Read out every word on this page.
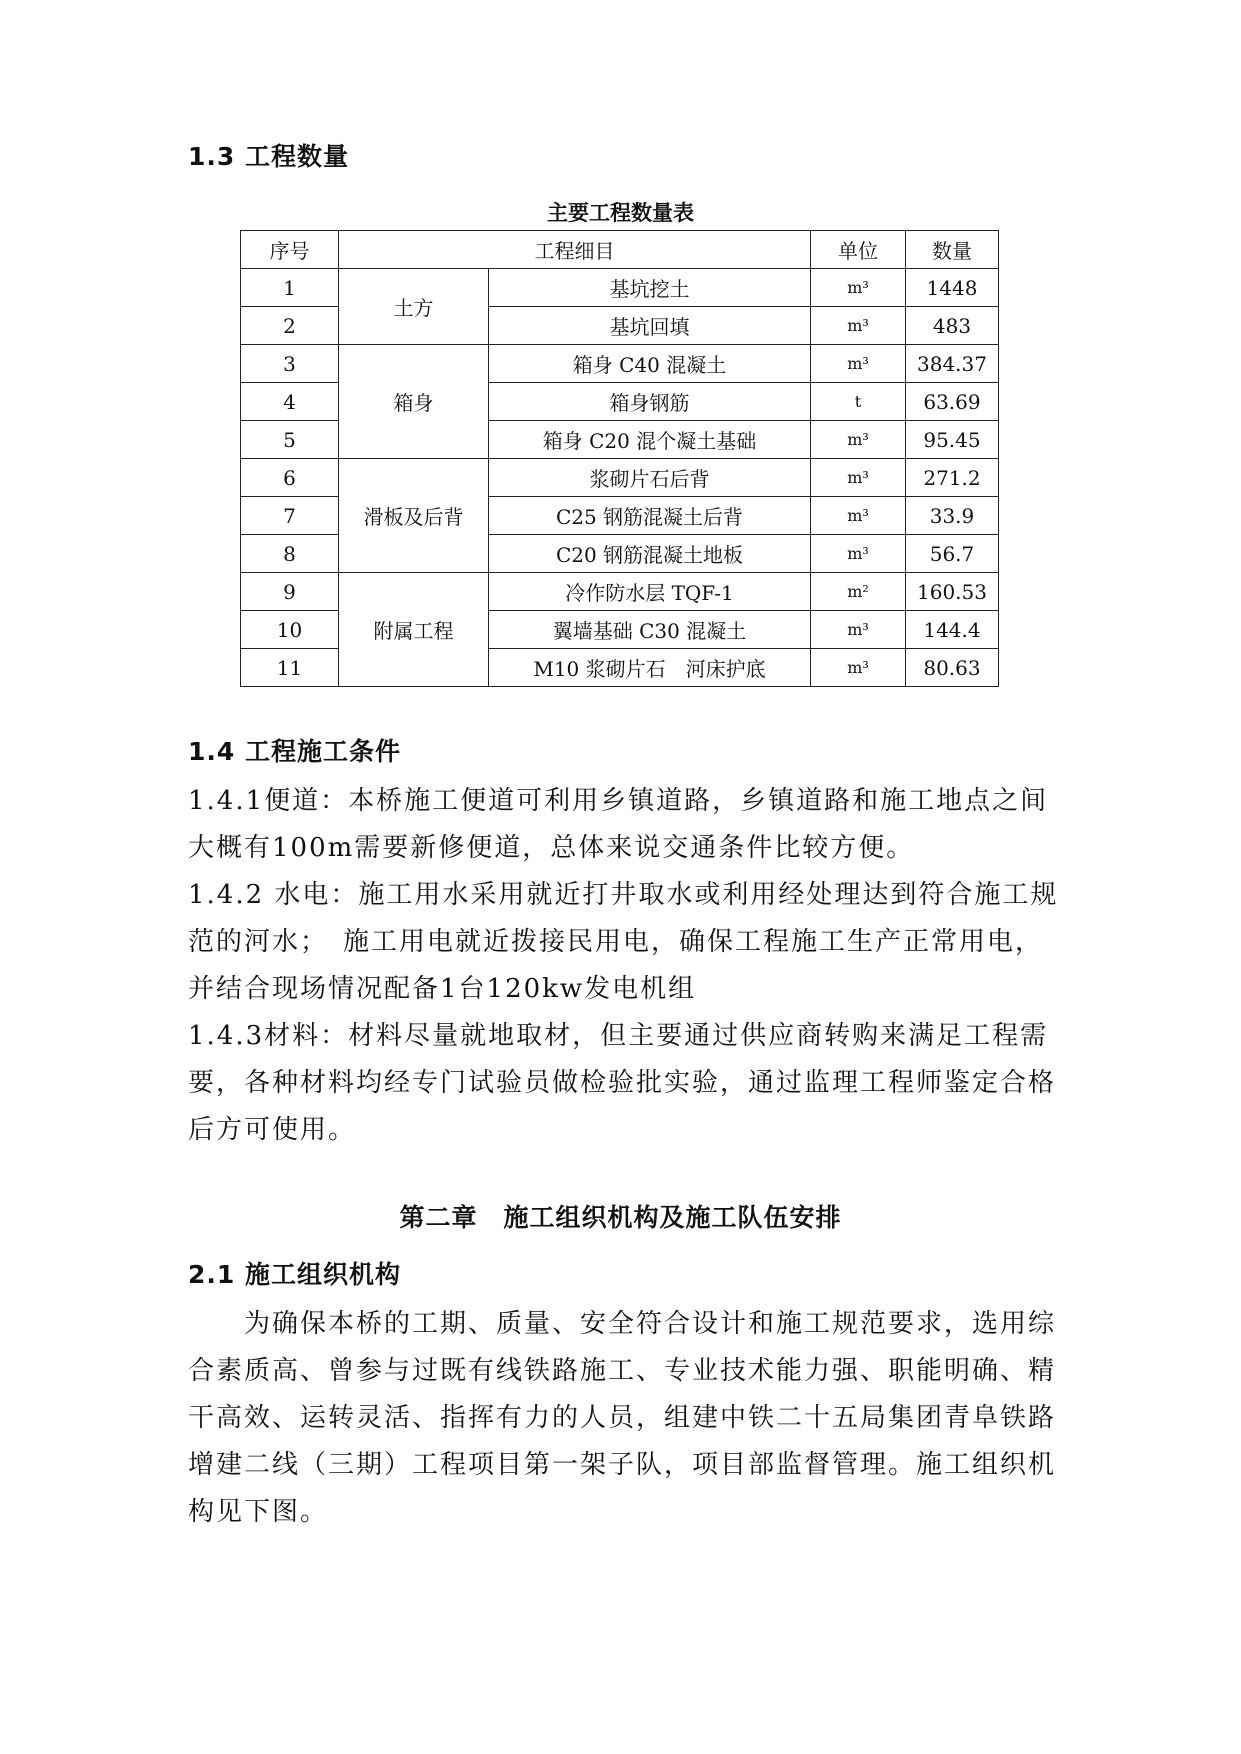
1.3 工程数量
主要工程数量表
序号	工程细目		单位	数量
1	土方	基坑挖土	m³	1448
2		基坑回填	m³	483
3	箱身	箱身 C40 混凝土	m³	384.37
4		箱身钢筋	t	63.69
5		箱身 C20 混个凝土基础	m³	95.45
6	滑板及后背	浆砌片石后背	m³	271.2
7		C25 钢筋混凝土后背	m³	33.9
8		C20 钢筋混凝土地板	m³	56.7
9	附属工程	冷作防水层 TQF-1	m²	160.53
10		翼墙基础 C30 混凝土	m³	144.4
11		M10 浆砌片石　河床护底	m³	80.63
1.4 工程施工条件

1.4.1便道：本桥施工便道可利用乡镇道路，乡镇道路和施工地点之间大概有100m需要新修便道，总体来说交通条件比较方便。

1.4.2 水电：施工用水采用就近打井取水或利用经处理达到符合施工规范的河水；　施工用电就近拨接民用电，确保工程施工生产正常用电，并结合现场情况配备1台120kw发电机组

1.4.3材料：材料尽量就地取材，但主要通过供应商转购来满足工程需要，各种材料均经专门试验员做检验批实验，通过监理工程师鉴定合格后方可使用。

第二章　施工组织机构及施工队伍安排
2.1 施工组织机构

为确保本桥的工期、质量、安全符合设计和施工规范要求，选用综合素质高、曾参与过既有线铁路施工、专业技术能力强、职能明确、精干高效、运转灵活、指挥有力的人员，组建中铁二十五局集团青阜铁路增建二线（三期）工程项目第一架子队，项目部监督管理。施工组织机构见下图。
